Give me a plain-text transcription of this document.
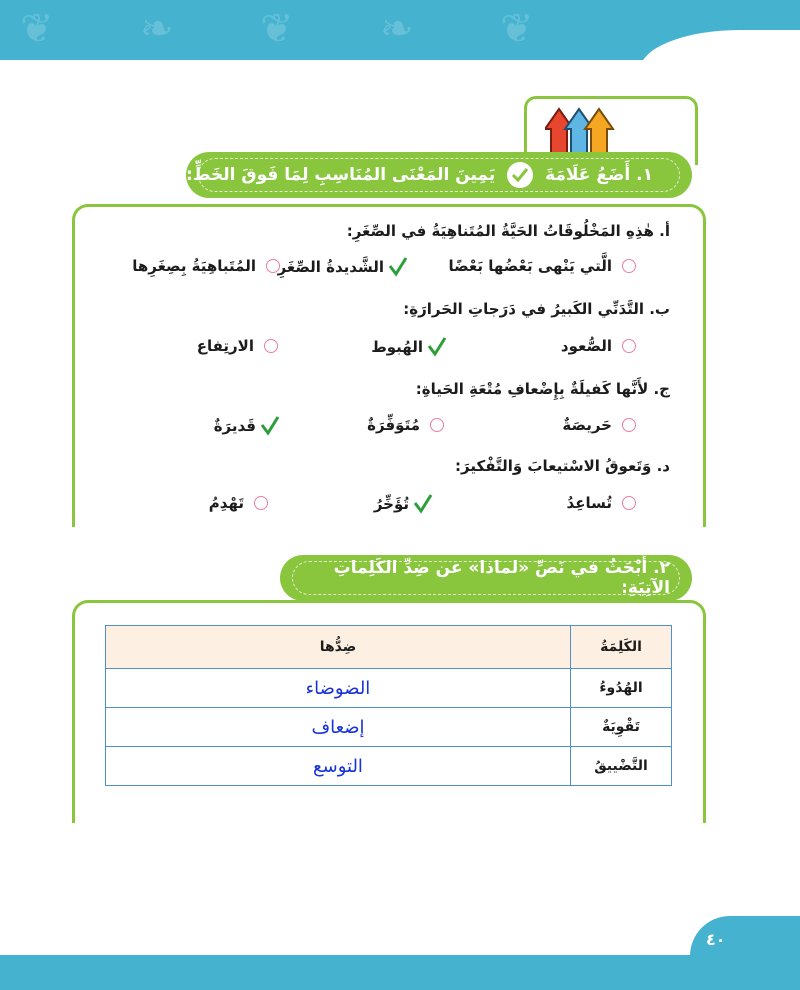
❦ ❧ ❦ ❧ ❦
٤٠
١. أَضَعُ عَلَامَةَ
يَمِينَ المَعْنَى المُنَاسِبِ لِمَا فَوقَ الخَطِّ:
أ. هٰذِهِ المَخْلُوقَاتُ الحَيَّةُ المُتَناهِيَةُ في الصِّغَرِ:
الَّتي يَنْهى بَعْضُها بَعْضًا
الشَّديدةُ الصِّغَرِ
المُتَباهِيَةُ بِصِغَرِها
ب. التَّدَنِّي الكَبيرُ في دَرَجاتِ الحَرارَةِ:
الصُّعود
الهُبوط
الارتِفاع
ج. لأَنَّها كَفيلَةٌ بِإِضْعافِ مُتْعَةِ الحَياةِ:
حَريصَةٌ
مُتَوَفِّرَةٌ
قَديرَةٌ
د. وَتَعوقُ الاسْتيعابَ وَالتَّفْكيرَ:
تُساعِدُ
تُؤَخِّرُ
تَهْدِمُ
٢. أَبْحَثُ في نَصِّ «لماذا» عن ضِدِّ الكَلِماتِ الآتِيَةِ:
الكَلِمَةُ	ضِدُّها
الهُدُوءُ	الضوضاء
تَقْوِيَةٌ	إضعاف
التَّضْييقُ	التوسع
